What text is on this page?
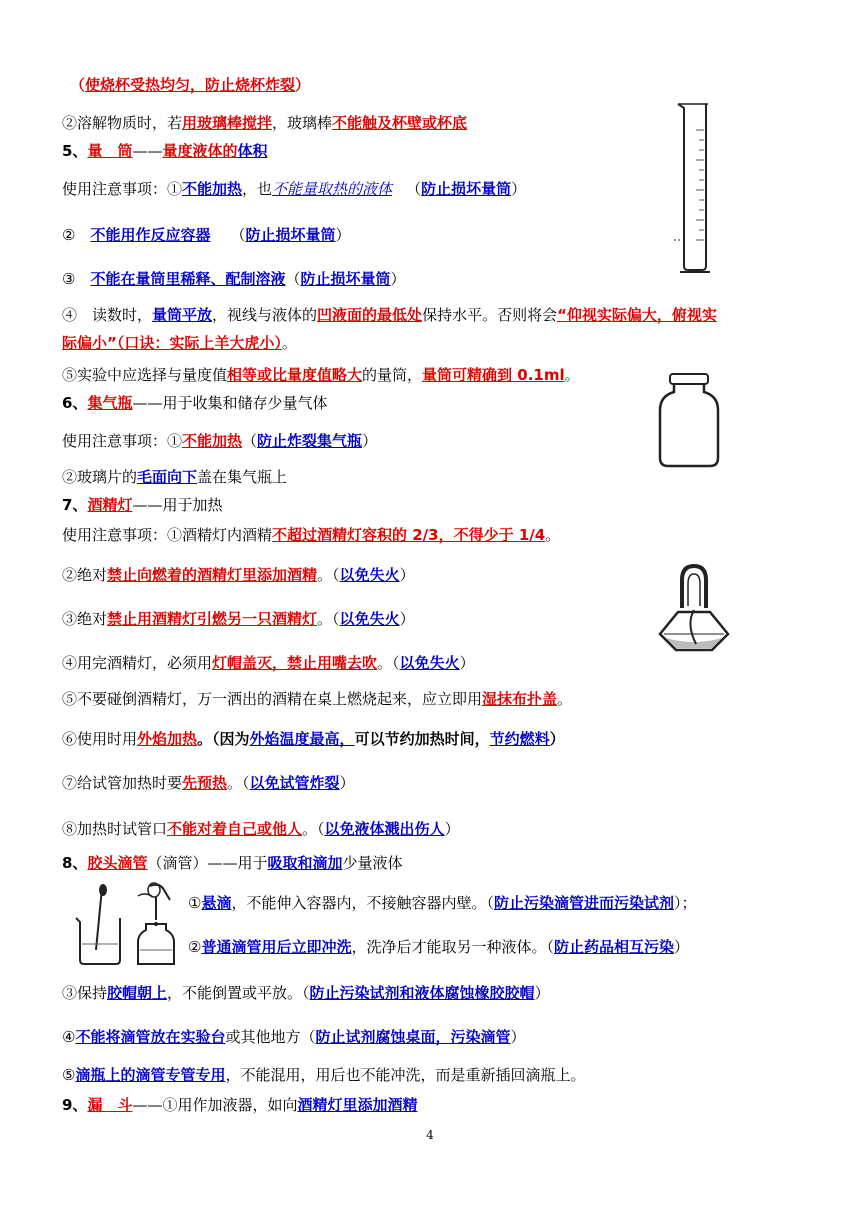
（使烧杯受热均匀，防止烧杯炸裂）
②溶解物质时，若用玻璃棒搅拌，玻璃棒不能触及杯壁或杯底
5、量　筒——量度液体的体积
使用注意事项：①不能加热，也不能量取热的液体 （防止损坏量筒）
②　不能用作反应容器 （防止损坏量筒）
③　不能在量筒里稀释、配制溶液（防止损坏量筒）
④　读数时，量筒平放，视线与液体的凹液面的最低处保持水平。否则将会“仰视实际偏大，俯视实
际偏小”（口诀：实际上羊大虎小）。
⑤实验中应选择与量度值相等或比量度值略大的量筒，量筒可精确到 0.1ml。
6、集气瓶——用于收集和储存少量气体
使用注意事项：①不能加热（防止炸裂集气瓶）
②玻璃片的毛面向下盖在集气瓶上
7、酒精灯——用于加热
使用注意事项：①酒精灯内酒精不超过酒精灯容积的 2/3，不得少于 1/4。
②绝对禁止向燃着的酒精灯里添加酒精。（以免失火）
③绝对禁止用酒精灯引燃另一只酒精灯。（以免失火）
④用完酒精灯，必须用灯帽盖灭，禁止用嘴去吹。（以免失火）
⑤不要碰倒酒精灯，万一洒出的酒精在桌上燃烧起来，应立即用湿抹布扑盖。
⑥使用时用外焰加热。（因为外焰温度最高，可以节约加热时间，节约燃料）
⑦给试管加热时要先预热。（以免试管炸裂）
⑧加热时试管口不能对着自己或他人。（以免液体溅出伤人）
8、胶头滴管（滴管）——用于吸取和滴加少量液体
①悬滴，不能伸入容器内，不接触容器内壁。（防止污染滴管进而污染试剂）；
②普通滴管用后立即冲洗，洗净后才能取另一种液体。（防止药品相互污染）
③保持胶帽朝上，不能倒置或平放。（防止污染试剂和液体腐蚀橡胶胶帽）
④不能将滴管放在实验台或其他地方（防止试剂腐蚀桌面，污染滴管）
⑤滴瓶上的滴管专管专用，不能混用，用后也不能冲洗，而是重新插回滴瓶上。
9、漏　斗——①用作加液器，如向酒精灯里添加酒精
4
